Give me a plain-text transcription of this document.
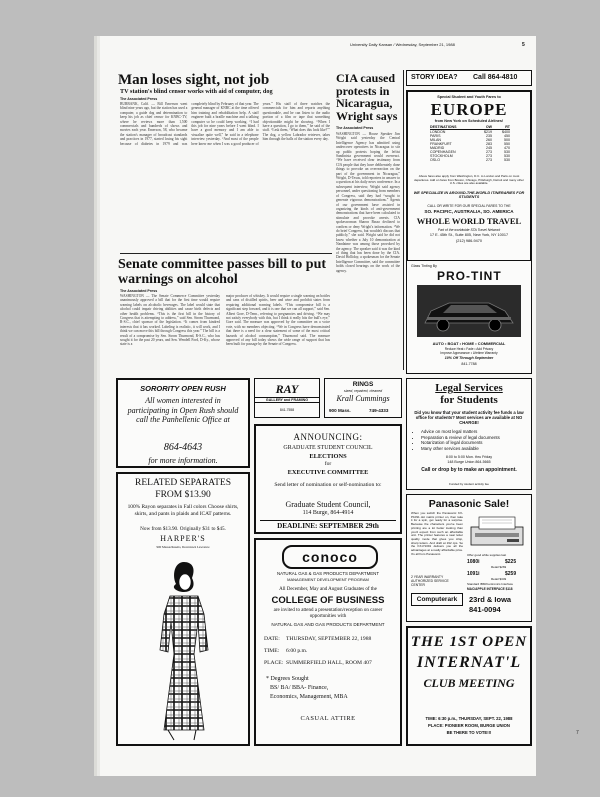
University Daily Kansan / Wednesday, September 21, 1988	5
Man loses sight, not job
TV station's blind censor works with aid of computer, dog
The Associated Press
BURBANK, Calif. — Bill Emerson went blind nine years ago, but the station has used a computer, a guide dog and determination to keep his job as chief censor for KNBC-TV, where he reviews more than 1,500 commercials and hundreds of shows and movies each year. Emerson, 58, who became the station's manager of broadcast standards and practices in 1977, started losing his sight because of diabetes in 1979 and was completely blind by February of that year. The general manager of KNBC at the time offered him training and rehabilitation help. A staff engineer built a braille machine and a talking computer so he could keep working. “I had this job for nine years before I went blind. I have a good memory and I am able to visualize quite well,” he said in a telephone interview yesterday. “And most of the people here knew me when I was a good producer of years.” His staff of three watches the commercials for him and reports anything questionable, and he can listen to the audio portion of a film or tape that something objectionable might be showing. “When I have a question, I go to them,” he said of the staff. “I ask them, ‘What does this look like?’” The dog, a yellow Labrador retriever, takes him through the halls of the station every day.
CIA caused protests in Nicaragua, Wright says
The Associated Press
WASHINGTON — House Speaker Jim Wright said yesterday the Central Intelligence Agency has admitted using undercover operatives in Nicaragua to stir up public protests hoping the leftist Sandinista government would overreact. “We have received clear testimony from CIA people that they have deliberately done things to provoke an overreaction on the part of the government in Nicaragua,” Wright, D-Texas, told reporters in answer to a question at his daily news conference. In a subsequent interview, Wright said agency personnel, under questioning from members of Congress, said they had “sought to generate vigorous demonstrations.” Agents of our government have assisted in organizing the kinds of anti-government demonstrations that have been calculated to stimulate and provoke arrests. CIA spokeswoman Sharon Basso declined to confirm or deny Wright's information. “We do brief Congress, but wouldn't discuss that publicly,” she said. Wright said he did not know whether a July 10 demonstration at Nandaime was among those provoked by the agency. The speaker said it was the kind of thing that has been done by the CIA. David Holliday, a spokesman for the Senate Intelligence Committee, said the committee holds closed hearings on the work of the agency.
Senate committee passes bill to put warnings on alcohol
The Associated Press
WASHINGTON — The Senate Commerce Committee yesterday unanimously approved a bill that for the first time would require warning labels on alcoholic beverages. The label would state that alcohol could impair driving abilities and cause birth defects and other health problems. “This is the first bill in the history of Congress that is attempting to address,” said Sen. Strom Thurmond, R-S.C., chief sponsor of the legislation. “It comes from kindred interests that it has worked. Labeling is realistic, it will work, and I think we can move this bill through Congress this year.” The bill is a result of a compromise by Sen. Strom Thurmond, R-S.C., who has sought it for the past 20 years, and Sen. Wendell Ford, D-Ky., whose state is a
major producer of whiskey. It would require a single warning on bottles and cans of distilled spirits, beer and wine and prohibit states from requiring additional warning labels. “This compromise bill is a significant step forward, and it is one that we can all support,” said Sen. Albert Gore, D-Tenn., referring to pregnancies and driving. “We may not satisfy everybody with this, but I think it really hits the bull's eye,” Gore said. The measure was approved by the committee on a voice vote, with no members objecting. “We in Congress have demonstrated that there is a need for a clear statement of some of the most critical hazards of alcohol consumption,” Thurmond said. The measure approved of any bill today shows the wide range of support that has been built for passage by the Senate of Congress.
STORY IDEA? Call 864-4810
Special Student and Youth Fares to
EUROPE
from New York on Scheduled Airlines!
DESTINATIONS	OW	RT
LONDON	$219	$400
PARIS	235	450
MILAN	260	500
FRANKFURT	283	550
MADRID	245	470
COPENHAGEN	273	530
STOCKHOLM	273	530
OSLO	273	530
Above fares also apply from Washington, D.C. to London and Paris on most departures. Add on fares from Boston, Chicago, Pittsburgh, Detroit and many other U.S. cities are also available.
WE SPECIALIZE IN AROUND-THE-WORLD ITINERARIES FOR STUDENTS
CALL OR WRITE FOR OUR SPECIAL FARES TO THE
SO. PACIFIC, AUSTRALIA, SO. AMERICA
WHOLE WORLD TRAVEL
Part of the worldwide STA Travel Network
17 E. 45th St., Suite 805, New York, NY 10017
(212) 986-9470
Glass Tinting By
PRO-TINT
AUTO • BOAT • HOME • COMMERCIAL
Reduce Heat • Fade • Add Privacy
Improve Appearance • Lifetime Warranty
10% Off Through September
841-7788
Legal Services
for Students
Did you know that your student activity fee funds a law office for students? Most services are available at NO CHARGE!
• Advice on most legal matters
• Preparation & review of legal documents
• Notarization of legal documents
• Many other services available
8:00 to 5:00 Mon. thru Friday
148 Burge Union 864-5665
Call or drop by to make an appointment.
Funded by student activity fee
Panasonic Sale!
When you switch the Panasonic KX-P1091 dot matrix printer on, then take it for a spin, get ready for a surprise. Because the characters you've been printing are a lot better looking than you'd expect from such an affordable unit. The printer features a near letter quality mode that gives you crisp, sharp letters. And draft at 192 cps. So the KX-P1091 delivers you all the advantages at a really affordable price. It's all from Panasonic.	Offer good while supplies last
1080i	$225
Retail $269
1091i	$259
Retail $349
Standard IBM/Centronics Interface
MAC/APPLE INTERFACE $118
2 YEAR WARRANTY AUTHORIZED SERVICE CENTER
Computerark	23rd & Iowa
841-0094
THE 1ST OPEN
INTERNAT'L
CLUB MEETING
TIME: 6:30 p.m., THURSDAY, SEPT. 22, 1988
PLACE: PIONEER ROOM, BURGE UNION
BE THERE TO VOTE!!!
SORORITY OPEN RUSH
All women interested in participating in Open Rush should call the Panhellenic Office at
864-4643
for more information.
RELATED SEPARATES
FROM $13.90
100% Rayon separates in Fall colors Choose shirts, skirts, and pants in plaids and ICAT patterns.
Now from $13.90. Originally $31 to $45.
HARPER'S
900 Massachusetts, Downtown Lawrence
RAY
GALLERY and FRAMING
841-7558
RINGS
sized, repaired, cleaned
Krall Cummings
900 Mass.	749-4333
ANNOUNCING:
GRADUATE STUDENT COUNCIL
ELECTIONS
for
EXECUTIVE COMMITTEE
Send letter of nomination or self-nomination to:
Graduate Student Council,
114 Burge, 864-4914
DEADLINE: SEPTEMBER 29th
conoco
NATURAL GAS & GAS PRODUCTS DEPARTMENT
MANAGEMENT DEVELOPMENT PROGRAM
All December, May and August Graduates of the
COLLEGE OF BUSINESS
are invited to attend a presentation/reception on career opportunities with
NATURAL GAS AND GAS PRODUCTS DEPARTMENT
DATE: THURSDAY, SEPTEMBER 22, 1988
TIME: 6:00 p.m.
PLACE: SUMMERFIELD HALL, ROOM 407
* Degrees Sought
BS/ BA/ BBA- Finance,
Economics, Management, MBA
CASUAL ATTIRE
7
